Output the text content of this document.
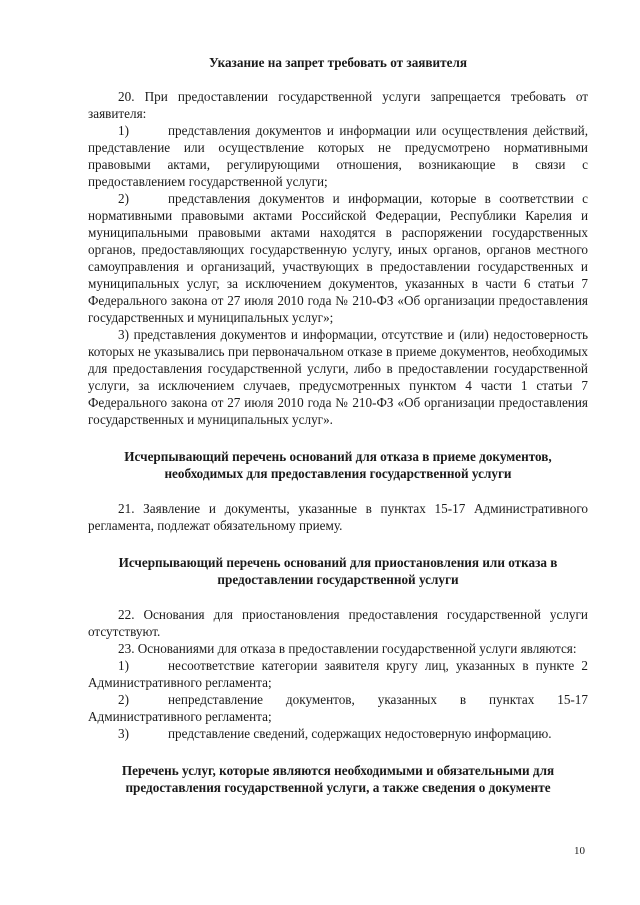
Указание на запрет требовать от заявителя

20. При предоставлении государственной услуги запрещается требовать от заявителя:

1)	представления документов и информации или осуществления действий, представление или осуществление которых не предусмотрено нормативными правовыми актами, регулирующими отношения, возникающие в связи с предоставлением государственной услуги;

2)	представления документов и информации, которые в соответствии с нормативными правовыми актами Российской Федерации, Республики Карелия и муниципальными правовыми актами находятся в распоряжении государственных органов, предоставляющих государственную услугу, иных органов, органов местного самоуправления и организаций, участвующих в предоставлении государственных и муниципальных услуг, за исключением документов, указанных в части 6 статьи 7 Федерального закона от 27 июля 2010 года № 210-ФЗ «Об организации предоставления государственных и муниципальных услуг»;

3) представления документов и информации, отсутствие и (или) недостоверность которых не указывались при первоначальном отказе в приеме документов, необходимых для предоставления государственной услуги, либо в предоставлении государственной услуги, за исключением случаев, предусмотренных пунктом 4 части 1 статьи 7 Федерального закона от 27 июля 2010 года № 210-ФЗ «Об организации предоставления государственных и муниципальных услуг».

Исчерпывающий перечень оснований для отказа в приеме документов, необходимых для предоставления государственной услуги

21. Заявление и документы, указанные в пунктах 15-17 Административного регламента, подлежат обязательному приему.

Исчерпывающий перечень оснований для приостановления или отказа в предоставлении государственной услуги

22. Основания для приостановления предоставления государственной услуги отсутствуют.

23. Основаниями для отказа в предоставлении государственной услуги являются:

1)	несоответствие категории заявителя кругу лиц, указанных в пункте 2 Административного регламента;

2)	непредставление документов, указанных в пунктах 15-17 Административного регламента;

3)	представление сведений, содержащих недостоверную информацию.

Перечень услуг, которые являются необходимыми и обязательными для предоставления государственной услуги, а также сведения о документе

10
